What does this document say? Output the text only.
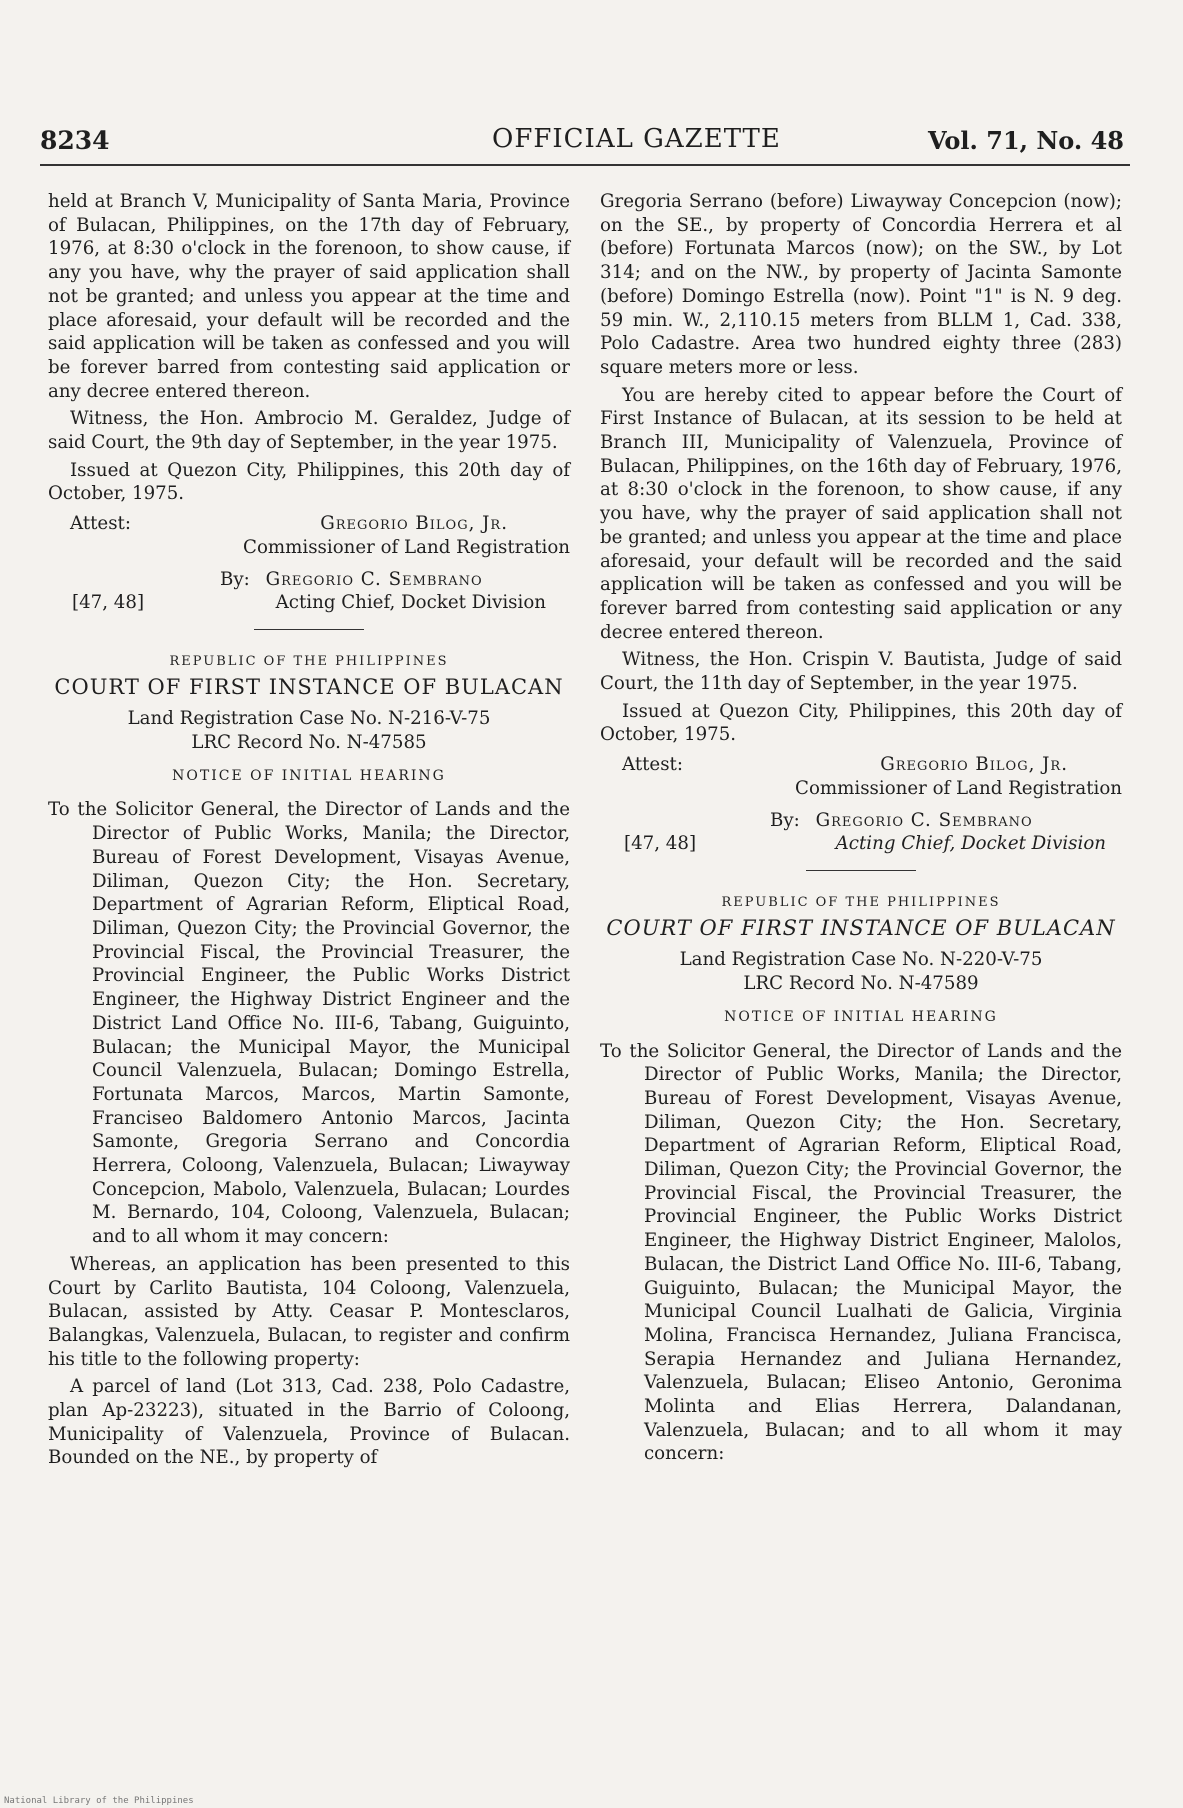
8234	OFFICIAL GAZETTE	Vol. 71, No. 48

held at Branch V, Municipality of Santa Maria, Province of Bulacan, Philippines, on the 17th day of February, 1976, at 8:30 o'clock in the forenoon, to show cause, if any you have, why the prayer of said application shall not be granted; and unless you appear at the time and place aforesaid, your default will be recorded and the said application will be taken as confessed and you will be forever barred from contesting said application or any decree entered thereon.

Witness, the Hon. Ambrocio M. Geraldez, Judge of said Court, the 9th day of September, in the year 1975.

Issued at Quezon City, Philippines, this 20th day of October, 1975.

Attest:	Gregorio Bilog, Jr.
Commissioner of Land Registration
By: Gregorio C. Sembrano
[47, 48]	Acting Chief, Docket Division
REPUBLIC OF THE PHILIPPINES
COURT OF FIRST INSTANCE OF BULACAN
Land Registration Case No. N-216-V-75
LRC Record No. N-47585
NOTICE OF INITIAL HEARING

To the Solicitor General, the Director of Lands and the Director of Public Works, Manila; the Director, Bureau of Forest Development, Visayas Avenue, Diliman, Quezon City; the Hon. Secretary, Department of Agrarian Reform, Eliptical Road, Diliman, Quezon City; the Provincial Governor, the Provincial Fiscal, the Provincial Treasurer, the Provincial Engineer, the Public Works District Engineer, the Highway District Engineer and the District Land Office No. III-6, Tabang, Guiguinto, Bulacan; the Municipal Mayor, the Municipal Council Valenzuela, Bulacan; Domingo Estrella, Fortunata Marcos, Marcos, Martin Samonte, Franciseo Baldomero Antonio Marcos, Jacinta Samonte, Gregoria Serrano and Concordia Herrera, Coloong, Valenzuela, Bulacan; Liwayway Concepcion, Mabolo, Valenzuela, Bulacan; Lourdes M. Bernardo, 104, Coloong, Valenzuela, Bulacan; and to all whom it may concern:

Whereas, an application has been presented to this Court by Carlito Bautista, 104 Coloong, Valenzuela, Bulacan, assisted by Atty. Ceasar P. Montesclaros, Balangkas, Valenzuela, Bulacan, to register and confirm his title to the following property:

A parcel of land (Lot 313, Cad. 238, Polo Cadastre, plan Ap-23223), situated in the Barrio of Coloong, Municipality of Valenzuela, Province of Bulacan. Bounded on the NE., by property of

Gregoria Serrano (before) Liwayway Concepcion (now); on the SE., by property of Concordia Herrera et al (before) Fortunata Marcos (now); on the SW., by Lot 314; and on the NW., by property of Jacinta Samonte (before) Domingo Estrella (now). Point "1" is N. 9 deg. 59 min. W., 2,110.15 meters from BLLM 1, Cad. 338, Polo Cadastre. Area two hundred eighty three (283) square meters more or less.

You are hereby cited to appear before the Court of First Instance of Bulacan, at its session to be held at Branch III, Municipality of Valenzuela, Province of Bulacan, Philippines, on the 16th day of February, 1976, at 8:30 o'clock in the forenoon, to show cause, if any you have, why the prayer of said application shall not be granted; and unless you appear at the time and place aforesaid, your default will be recorded and the said application will be taken as confessed and you will be forever barred from contesting said application or any decree entered thereon.

Witness, the Hon. Crispin V. Bautista, Judge of said Court, the 11th day of September, in the year 1975.

Issued at Quezon City, Philippines, this 20th day of October, 1975.

Attest:	Gregorio Bilog, Jr.
Commissioner of Land Registration
By: Gregorio C. Sembrano
[47, 48]	Acting Chief, Docket Division
REPUBLIC OF THE PHILIPPINES
COURT OF FIRST INSTANCE OF BULACAN
Land Registration Case No. N-220-V-75
LRC Record No. N-47589
NOTICE OF INITIAL HEARING

To the Solicitor General, the Director of Lands and the Director of Public Works, Manila; the Director, Bureau of Forest Development, Visayas Avenue, Diliman, Quezon City; the Hon. Secretary, Department of Agrarian Reform, Eliptical Road, Diliman, Quezon City; the Provincial Governor, the Provincial Fiscal, the Provincial Treasurer, the Provincial Engineer, the Public Works District Engineer, the Highway District Engineer, Malolos, Bulacan, the District Land Office No. III-6, Tabang, Guiguinto, Bulacan; the Municipal Mayor, the Municipal Council Lualhati de Galicia, Virginia Molina, Francisca Hernandez, Juliana Francisca, Serapia Hernandez and Juliana Hernandez, Valenzuela, Bulacan; Eliseo Antonio, Geronima Molinta and Elias Herrera, Dalandanan, Valenzuela, Bulacan; and to all whom it may concern:

National Library of the Philippines
